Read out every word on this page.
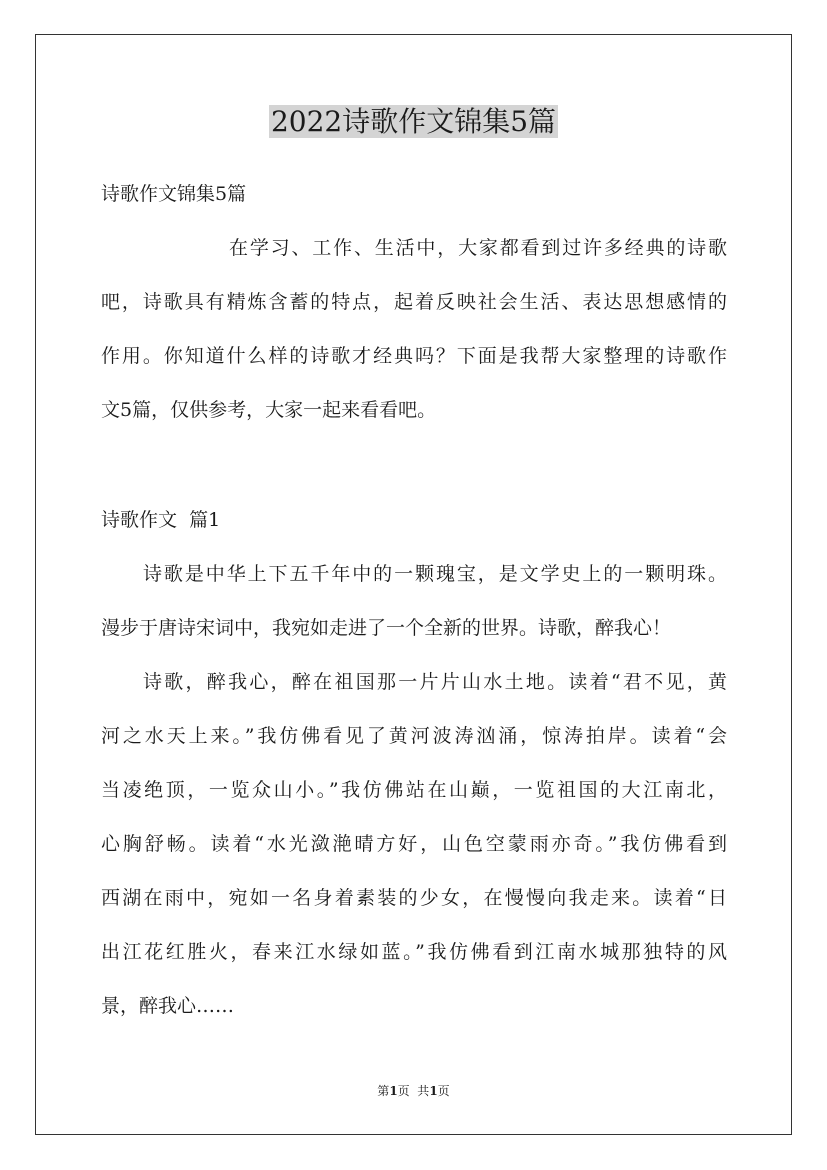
2022诗歌作文锦集5篇
诗歌作文锦集5篇
在学习、工作、生活中，大家都看到过许多经典的诗歌
吧，诗歌具有精炼含蓄的特点，起着反映社会生活、表达思想感情的
作用。你知道什么样的诗歌才经典吗？下面是我帮大家整理的诗歌作
文5篇，仅供参考，大家一起来看看吧。
诗歌作文  篇1
诗歌是中华上下五千年中的一颗瑰宝，是文学史上的一颗明珠。
漫步于唐诗宋词中，我宛如走进了一个全新的世界。诗歌，醉我心！
诗歌，醉我心，醉在祖国那一片片山水土地。读着“君不见，黄
河之水天上来。”我仿佛看见了黄河波涛汹涌，惊涛拍岸。读着“会
当凌绝顶，一览众山小。”我仿佛站在山巅，一览祖国的大江南北，
心胸舒畅。读着“水光潋滟晴方好，山色空蒙雨亦奇。”我仿佛看到
西湖在雨中，宛如一名身着素装的少女，在慢慢向我走来。读着“日
出江花红胜火，春来江水绿如蓝。”我仿佛看到江南水城那独特的风
景，醉我心……
第1页  共1页
